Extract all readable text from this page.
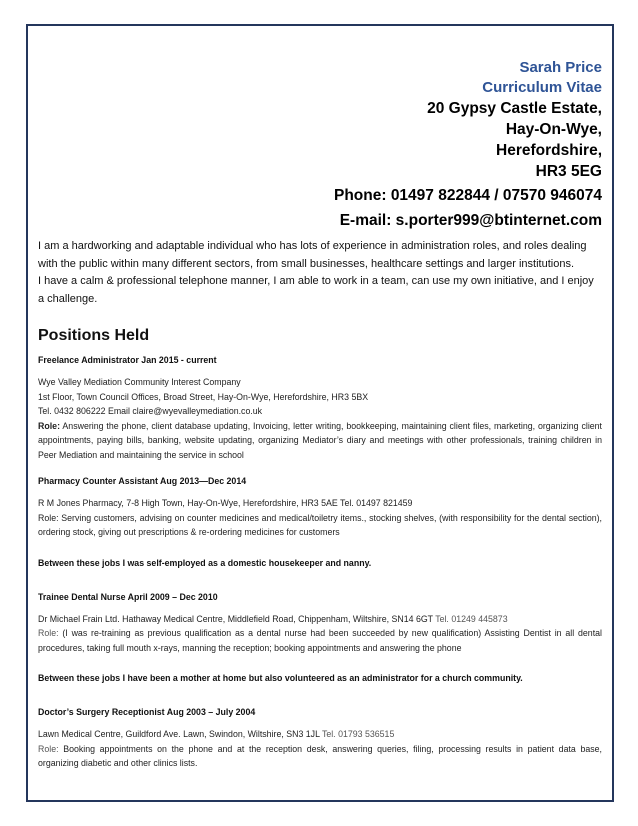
Sarah Price
Curriculum Vitae
20 Gypsy Castle Estate,
Hay-On-Wye,
Herefordshire,
HR3 5EG
Phone: 01497 822844 / 07570 946074
E-mail: s.porter999@btinternet.com
I am a hardworking and adaptable individual who has lots of experience in administration roles, and roles dealing with the public within many different sectors, from small businesses, healthcare settings and larger institutions.
I have a calm & professional telephone manner, I am able to work in a team, can use my own initiative, and I enjoy a challenge.
Positions Held
Freelance Administrator Jan 2015 - current
Wye Valley Mediation Community Interest Company
1st Floor, Town Council Offices, Broad Street, Hay-On-Wye, Herefordshire, HR3 5BX
Tel. 0432 806222 Email claire@wyevalleymediation.co.uk
Role: Answering the phone, client database updating, Invoicing, letter writing, bookkeeping, maintaining client files, marketing, organizing client appointments, paying bills, banking, website updating, organizing Mediator’s diary and meetings with other professionals, training children in Peer Mediation and maintaining the service in school
Pharmacy Counter Assistant Aug 2013—Dec 2014
R M Jones Pharmacy, 7-8 High Town, Hay-On-Wye, Herefordshire, HR3 5AE Tel. 01497 821459
Role: Serving customers, advising on counter medicines and medical/toiletry items., stocking shelves, (with responsibility for the dental section), ordering stock, giving out prescriptions & re-ordering medicines for customers
Between these jobs I was self-employed as a domestic housekeeper and nanny.
Trainee Dental Nurse April 2009 – Dec 2010
Dr Michael Frain Ltd. Hathaway Medical Centre, Middlefield Road, Chippenham, Wiltshire, SN14 6GT Tel. 01249 445873
Role: (I was re-training as previous qualification as a dental nurse had been succeeded by new qualification) Assisting Dentist in all dental procedures, taking full mouth x-rays, manning the reception; booking appointments and answering the phone
Between these jobs I have been a mother at home but also volunteered as an administrator for a church community.
Doctor’s Surgery Receptionist Aug 2003 – July 2004
Lawn Medical Centre, Guildford Ave. Lawn, Swindon, Wiltshire, SN3 1JL Tel. 01793 536515
Role: Booking appointments on the phone and at the reception desk, answering queries, filing, processing results in patient data base, organizing diabetic and other clinics lists.
